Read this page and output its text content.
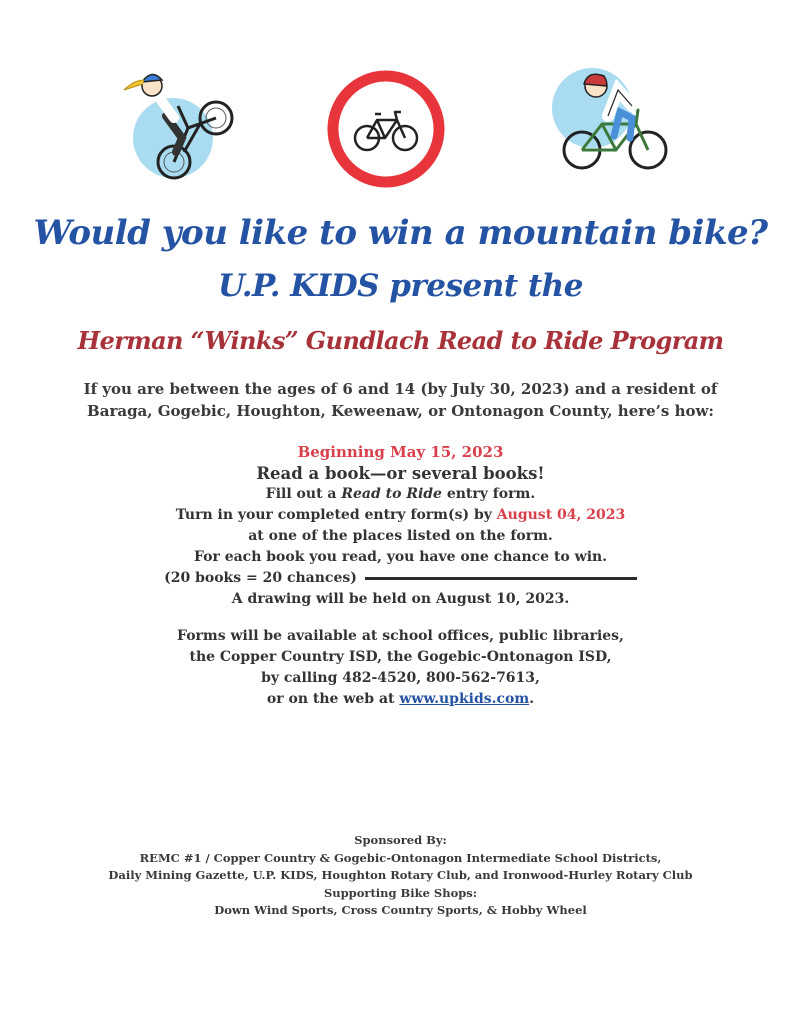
Would you like to win a mountain bike?
U.P. KIDS present the
Herman “Winks” Gundlach Read to Ride Program
If you are between the ages of 6 and 14 (by July 30, 2023) and a resident of
Baraga, Gogebic, Houghton, Keweenaw, or Ontonagon County, here’s how:
Beginning May 15, 2023
Read a book—or several books!
Fill out a Read to Ride entry form.
Turn in your completed entry form(s) by August 04, 2023
at one of the places listed on the form.
For each book you read, you have one chance to win.
(20 books = 20 chances)
A drawing will be held on August 10, 2023.
Forms will be available at school offices, public libraries,
the Copper Country ISD, the Gogebic-Ontonagon ISD,
by calling 482-4520, 800-562-7613,
or on the web at www.upkids.com.
Sponsored By:
REMC #1 / Copper Country & Gogebic-Ontonagon Intermediate School Districts,
Daily Mining Gazette, U.P. KIDS, Houghton Rotary Club, and Ironwood-Hurley Rotary Club
Supporting Bike Shops:
Down Wind Sports, Cross Country Sports, & Hobby Wheel
